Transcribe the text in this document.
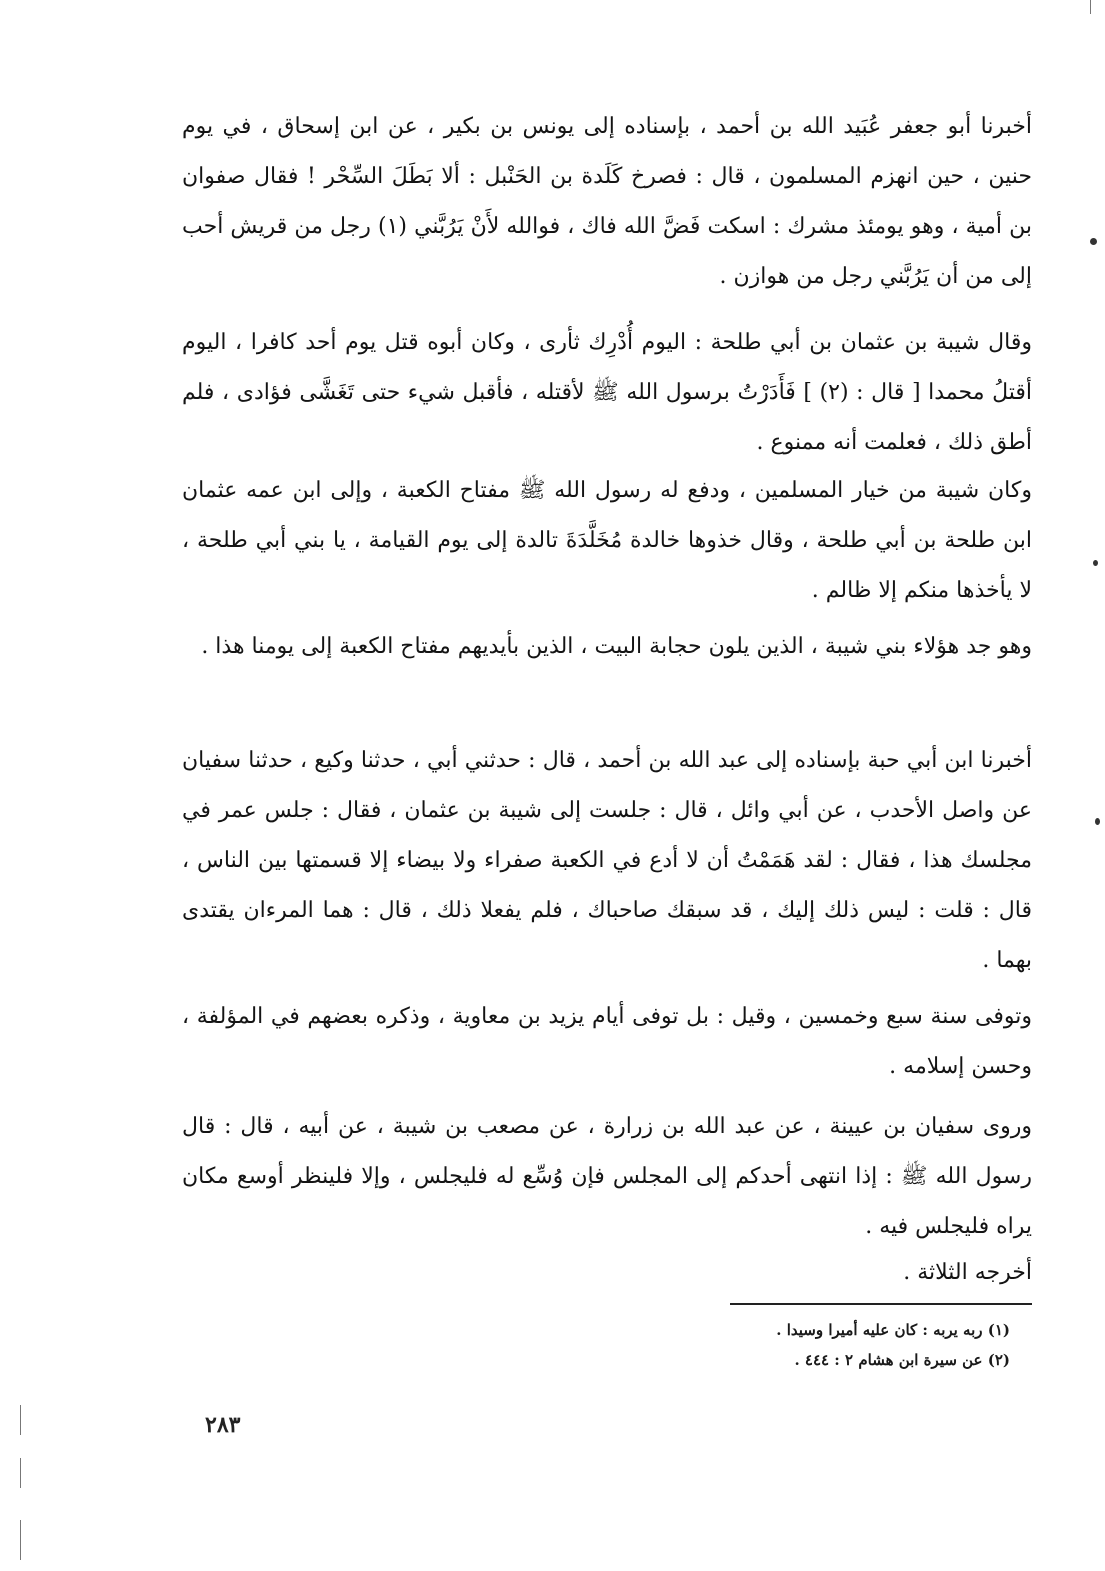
أخبرنا أبو جعفر عُبَيد الله بن أحمد ، بإسناده إلى يونس بن بكير ، عن ابن إسحاق ، في يوم حنين ، حين انهزم المسلمون ، قال : فصرخ كَلَدة بن الحَنْبل : ألا بَطَلَ السِّحْر ! فقال صفوان بن أمية ، وهو يومئذ مشرك : اسكت فَضَّ الله فاك ، فوالله لأَنْ يَرُبَّني (١) رجل من قريش أحب إلى من أن يَرُبَّني رجل من هوازن .

وقال شيبة بن عثمان بن أبي طلحة : اليوم أُدْرِك ثأرى ، وكان أبوه قتل يوم أحد كافرا ، اليوم أقتلُ محمدا [ قال : (٢) ] فَأَدَرْتُ برسول الله ﷺ لأقتله ، فأقبل شيء حتى تَغَشَّى فؤادى ، فلم أطق ذلك ، فعلمت أنه ممنوع .

وكان شيبة من خيار المسلمين ، ودفع له رسول الله ﷺ مفتاح الكعبة ، وإلى ابن عمه عثمان ابن طلحة بن أبي طلحة ، وقال خذوها خالدة مُخَلَّدَةَ تالدة إلى يوم القيامة ، يا بني أبي طلحة ، لا يأخذها منكم إلا ظالم .

وهو جد هؤلاء بني شيبة ، الذين يلون حجابة البيت ، الذين بأيديهم مفتاح الكعبة إلى يومنا هذا .

أخبرنا ابن أبي حبة بإسناده إلى عبد الله بن أحمد ، قال : حدثني أبي ، حدثنا وكيع ، حدثنا سفيان عن واصل الأحدب ، عن أبي وائل ، قال : جلست إلى شيبة بن عثمان ، فقال : جلس عمر في مجلسك هذا ، فقال : لقد هَمَمْتُ أن لا أدع في الكعبة صفراء ولا بيضاء إلا قسمتها بين الناس ، قال : قلت : ليس ذلك إليك ، قد سبقك صاحباك ، فلم يفعلا ذلك ، قال : هما المرءان يقتدى بهما .

وتوفى سنة سبع وخمسين ، وقيل : بل توفى أيام يزيد بن معاوية ، وذكره بعضهم في المؤلفة ، وحسن إسلامه .

وروى سفيان بن عيينة ، عن عبد الله بن زرارة ، عن مصعب بن شيبة ، عن أبيه ، قال : قال رسول الله ﷺ : إذا انتهى أحدكم إلى المجلس فإن وُسِّع له فليجلس ، وإلا فلينظر أوسع مكان يراه فليجلس فيه .

أخرجه الثلاثة .

(١) ربه يربه : كان عليه أميرا وسيدا .

(٢) عن سيرة ابن هشام ٢ : ٤٤٤ .

٢٨٣
